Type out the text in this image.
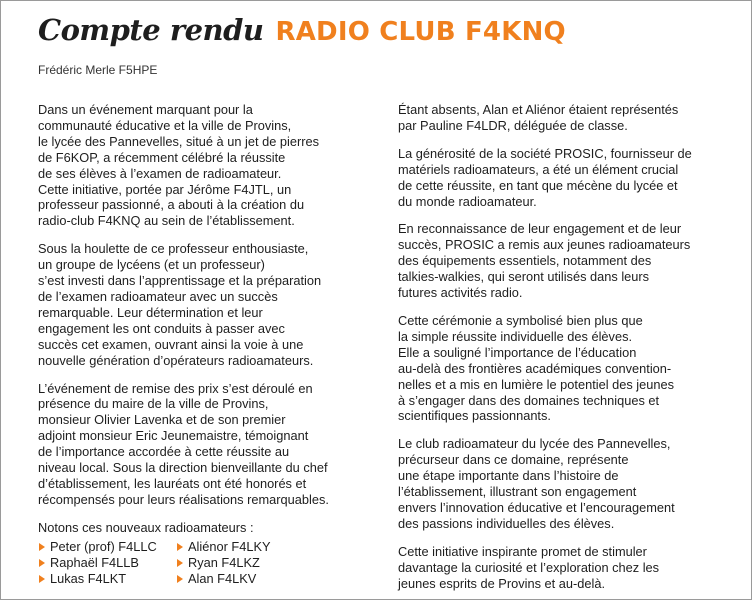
Compte rendu RADIO CLUB F4KNQ
Frédéric Merle F5HPE
Dans un événement marquant pour la
communauté éducative et la ville de Provins,
le lycée des Pannevelles, situé à un jet de pierres
de F6KOP, a récemment célébré la réussite
de ses élèves à l’examen de radioamateur.
Cette initiative, portée par Jérôme F4JTL, un
professeur passionné, a abouti à la création du
radio-club F4KNQ au sein de l’établissement.
Sous la houlette de ce professeur enthousiaste,
un groupe de lycéens (et un professeur)
s’est investi dans l’apprentissage et la préparation
de l’examen radioamateur avec un succès
remarquable. Leur détermination et leur
engagement les ont conduits à passer avec
succès cet examen, ouvrant ainsi la voie à une
nouvelle génération d’opérateurs radioamateurs.
L’événement de remise des prix s’est déroulé en
présence du maire de la ville de Provins,
monsieur Olivier Lavenka et de son premier
adjoint monsieur Eric Jeunemaistre, témoignant
de l’importance accordée à cette réussite au
niveau local. Sous la direction bienveillante du chef
d’établissement, les lauréats ont été honorés et
récompensés pour leurs réalisations remarquables.
Notons ces nouveaux radioamateurs :
Peter (prof) F4LLC	Aliénor F4LKY
Raphaël F4LLB	Ryan F4LKZ
Lukas F4LKT	Alan F4LKV
Étant absents, Alan et Aliénor étaient représentés
par Pauline F4LDR, déléguée de classe.
La générosité de la société PROSIC, fournisseur de
matériels radioamateurs, a été un élément crucial
de cette réussite, en tant que mécène du lycée et
du monde radioamateur.
En reconnaissance de leur engagement et de leur
succès, PROSIC a remis aux jeunes radioamateurs
des équipements essentiels, notamment des
talkies-walkies, qui seront utilisés dans leurs
futures activités radio.
Cette cérémonie a symbolisé bien plus que
la simple réussite individuelle des élèves.
Elle a souligné l’importance de l’éducation
au-delà des frontières académiques convention-
nelles et a mis en lumière le potentiel des jeunes
à s’engager dans des domaines techniques et
scientifiques passionnants.
Le club radioamateur du lycée des Pannevelles,
précurseur dans ce domaine, représente
une étape importante dans l’histoire de
l’établissement, illustrant son engagement
envers l’innovation éducative et l’encouragement
des passions individuelles des élèves.
Cette initiative inspirante promet de stimuler
davantage la curiosité et l’exploration chez les
jeunes esprits de Provins et au-delà.
